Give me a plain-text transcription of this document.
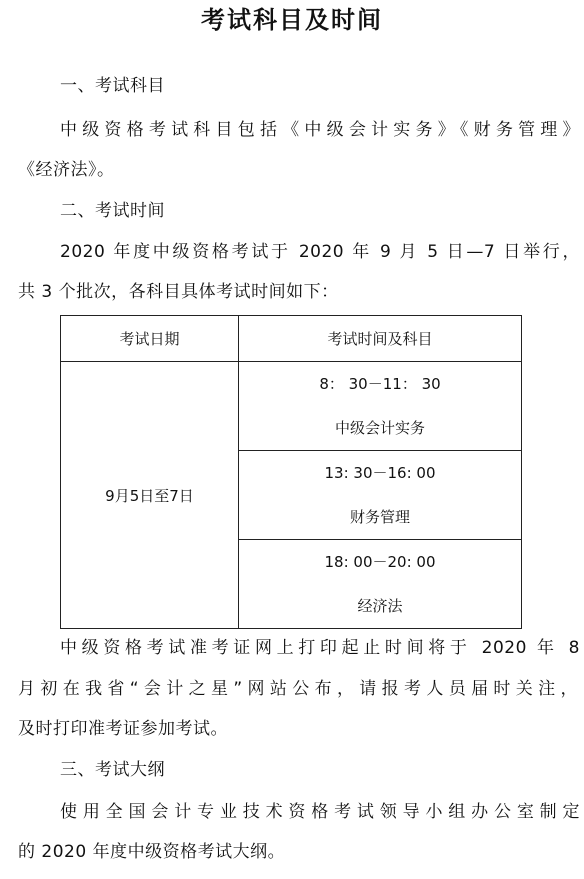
考试科目及时间
一、考试科目
中级资格考试科目包括《中级会计实务》《财务管理》
《经济法》。
二、考试时间
2020 年度中级资格考试于 2020 年 9 月 5 日—7 日举行，
共 3 个批次，各科目具体考试时间如下：
考试日期	考试时间及科目
9月5日至7日	8： 30－11： 30
中级会计实务

	13: 30－16: 00
财务管理

	18: 00－20: 00
经济法
中级资格考试准考证网上打印起止时间将于 2020 年 8
月初在我省“会计之星”网站公布，请报考人员届时关注，
及时打印准考证参加考试。
三、考试大纲
使用全国会计专业技术资格考试领导小组办公室制定
的 2020 年度中级资格考试大纲。
